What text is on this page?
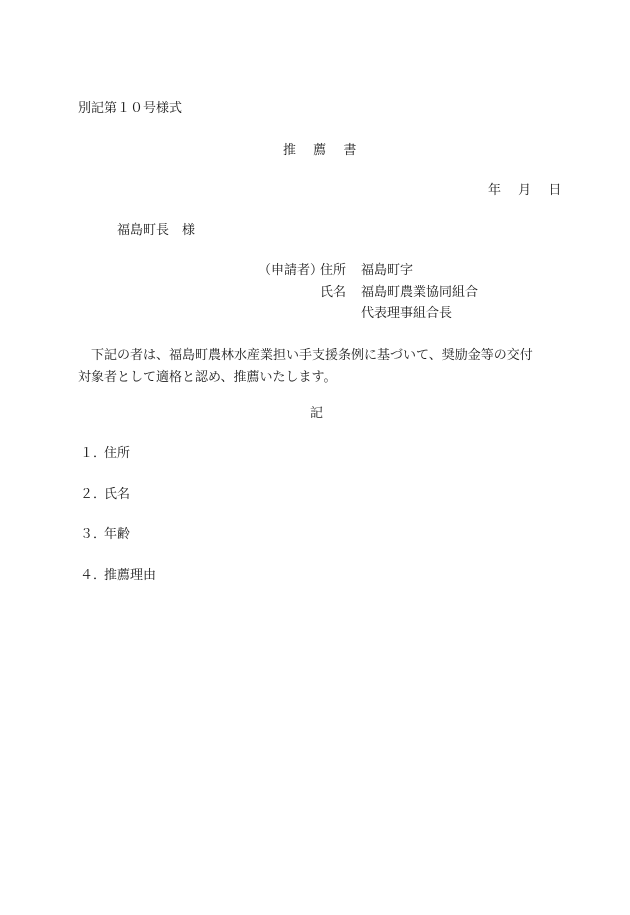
別記第１０号様式
推 薦 書
年 月 日
福島町長 様
（申請者）
住所 福島町字
氏名 福島町農業協同組合
代表理事組合長

下記の者は、福島町農林水産業担い手支援条例に基づいて、奨励金等の交付

対象者として適格と認め、推薦いたします。

記
１．住所
２．氏名
３．年齢
４．推薦理由
